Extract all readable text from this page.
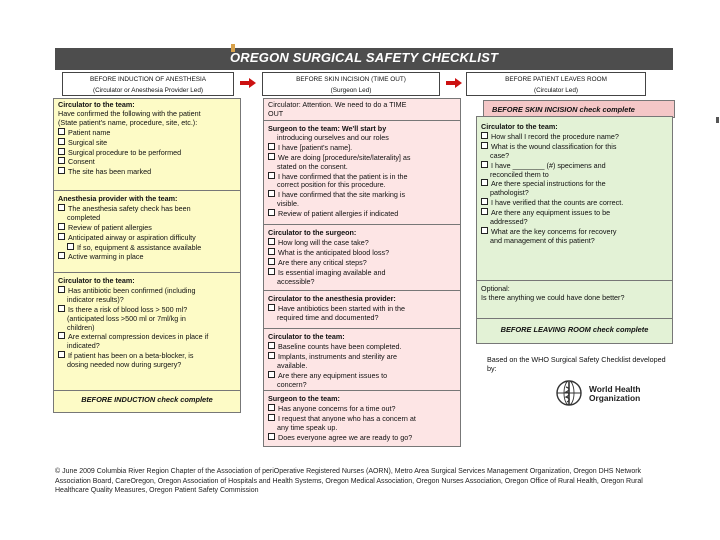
OREGON SURGICAL SAFETY CHECKLIST
BEFORE INDUCTION OF ANESTHESIA
(Circulator or Anesthesia Provider Led)
BEFORE SKIN INCISION (TIME OUT)
(Surgeon Led)
BEFORE PATIENT LEAVES ROOM
(Circulator Led)
Circulator to the team:
Have confirmed the following with the patient
(State patient's name, procedure, site, etc.):
Patient name
Surgical site
Surgical procedure to be performed
Consent
The site has been marked
Anesthesia provider with the team:
The anesthesia safety check has been
completed
Review of patient allergies
Anticipated airway or aspiration difficulty
If so, equipment & assistance available
Active warming in place
Circulator to the team:
Has antibiotic been confirmed (including
indicator results)?
Is there a risk of blood loss > 500 ml?
(anticipated loss >500 ml or 7ml/kg in
children)
Are external compression devices in place if
indicated?
If patient has been on a beta-blocker, is
dosing needed now during surgery?
BEFORE INDUCTION check complete
Circulator: Attention. We need to do a TIME
OUT
Surgeon to the team: We'll start by
introducing ourselves and our roles
I have [patient's name].
We are doing [procedure/site/laterality] as
stated on the consent.
I have confirmed that the patient is in the
correct position for this procedure.
I have confirmed that the site marking is
visible.
Review of patient allergies if indicated
Circulator to the surgeon:
How long will the case take?
What is the anticipated blood loss?
Are there any critical steps?
Is essential imaging available and
accessible?
Circulator to the anesthesia provider:
Have antibiotics been started with in the
required time and documented?
Circulator to the team:
Baseline counts have been completed.
Implants, instruments and sterility are
available.
Are there any equipment issues to
concern?
Surgeon to the team:
Has anyone concerns for a time out?
I request that anyone who has a concern at
any time speak up.
Does everyone agree we are ready to go?
BEFORE SKIN INCISION check complete
Circulator to the team:
How shall I record the procedure name?
What is the wound classification for this
case?
I have ________ (#) specimens and
reconciled them to
Are there special instructions for the
pathologist?
I have verified that the counts are correct.
Are there any equipment issues to be
addressed?
What are the key concerns for recovery
and management of this patient?
Optional:
Is there anything we could have done better?
BEFORE LEAVING ROOM check complete
Based on the WHO Surgical Safety Checklist developed by:
World Health
Organization
© June 2009 Columbia River Region Chapter of the Association of periOperative Registered Nurses (AORN), Metro Area Surgical Services Management Organization, Oregon DHS Network Association Board, CareOregon, Oregon Association of Hospitals and Health Systems, Oregon Medical Association, Oregon Nurses Association, Oregon Office of Rural Health, Oregon Rural Healthcare Quality Measures, Oregon Patient Safety Commission
